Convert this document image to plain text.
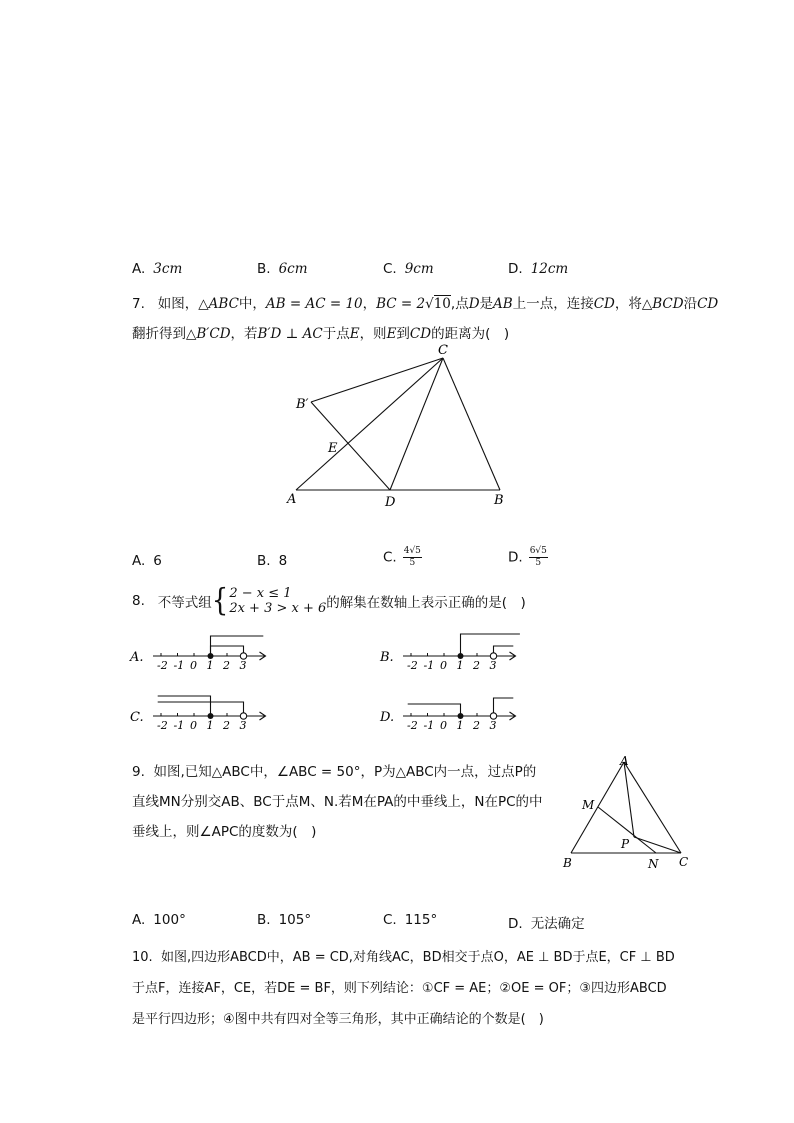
A. 3cm	B. 6cm	C. 9cm	D. 12cm
7. 如图，△ABC中，AB = AC = 10，BC = 2√10,点D是AB上一点，连接CD，将△BCD沿CD
翻折得到△B′CD，若B′D ⊥ AC于点E，则E到CD的距离为(　)
C
B′
E
A	D	B
A. 6	B. 8	C. $\frac{4√5}{5}$	D. $\frac{6√5}{5}$
8. 不等式组{ 2 − x ≤ 1
2x + 3 > x + 6 的解集在数轴上表示正确的是(　)
A.
-2 -1 0 1 2 3
B.
-2 -1 0 1 2 3
C.
-2 -1 0 1 2 3
D.
-2 -1 0 1 2 3
9. 如图,已知△ABC中，∠ABC = 50°，P为△ABC内一点，过点P的
直线MN分别交AB、BC于点M、N.若M在PA的中垂线上，N在PC的中
垂线上，则∠APC的度数为(　)
A
M
P
B	N C
A. 100°	B. 105°	C. 115°	D. 无法确定
10. 如图,四边形ABCD中，AB = CD,对角线AC，BD相交于点O，AE ⊥ BD于点E，CF ⊥ BD
于点F，连接AF，CE，若DE = BF，则下列结论：①CF = AE；②OE = OF；③四边形ABCD
是平行四边形；④图中共有四对全等三角形，其中正确结论的个数是(　)
